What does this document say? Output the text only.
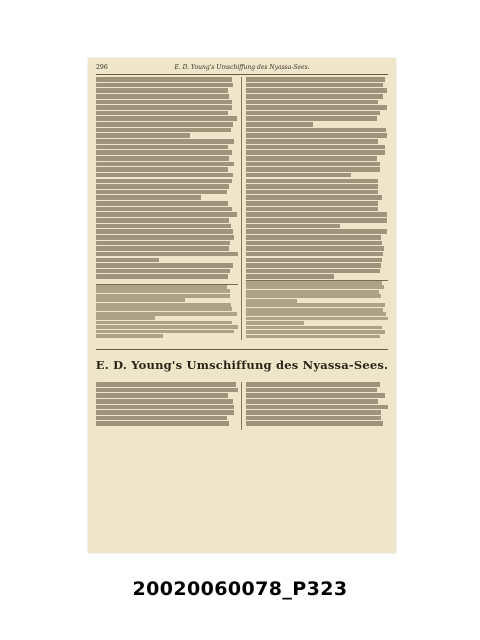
296	E. D. Young's Umschiffung des Nyassa-Sees.
E. D. Young's Umschiffung des Nyassa-Sees.
20020060078_P323
